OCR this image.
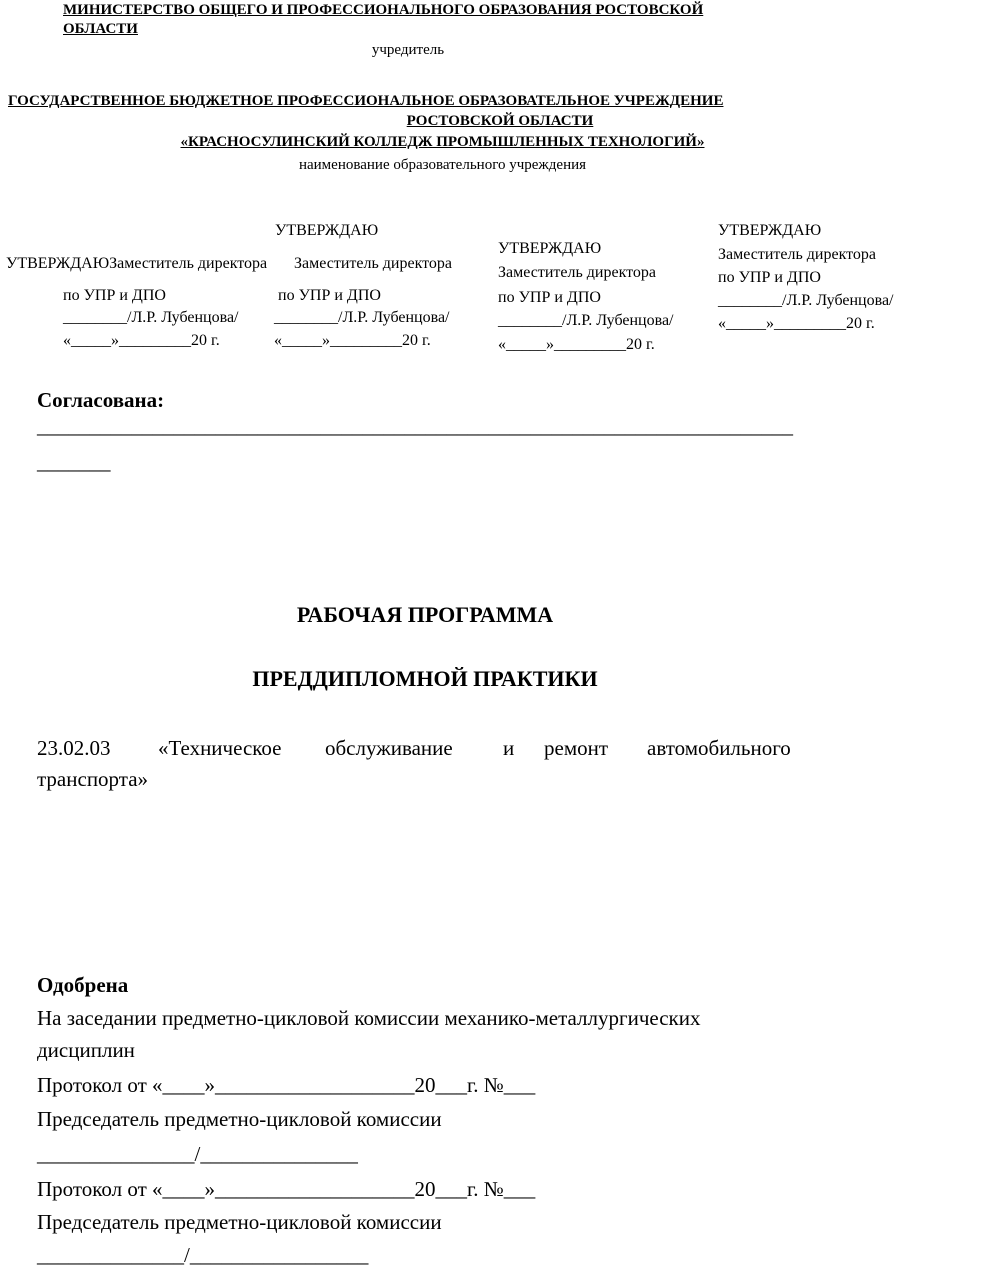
МИНИСТЕРСТВО ОБЩЕГО И ПРОФЕССИОНАЛЬНОГО ОБРАЗОВАНИЯ РОСТОВСКОЙ
ОБЛАСТИ
учредитель
ГОСУДАРСТВЕННОЕ БЮДЖЕТНОЕ ПРОФЕССИОНАЛЬНОЕ ОБРАЗОВАТЕЛЬНОЕ УЧРЕЖДЕНИЕ
РОСТОВСКОЙ ОБЛАСТИ
«КРАСНОСУЛИНСКИЙ КОЛЛЕДЖ ПРОМЫШЛЕННЫХ ТЕХНОЛОГИЙ»
наименование образовательного учреждения
УТВЕРЖДАЮ
УТВЕРЖДАЮЗаместитель директора Заместитель директора
по УПР и ДПО	по УПР и ДПО
________/Л.Р. Лубенцова/ ________/Л.Р. Лубенцова/
«_____»_________20 г.	«_____»_________20 г.
УТВЕРЖДАЮ
Заместитель директора
по УПР и ДПО
________/Л.Р. Лубенцова/
«_____»_________20 г.
УТВЕРЖДАЮ
Заместитель директора
по УПР и ДПО
________/Л.Р. Лубенцова/
«_____»_________20 г.
Согласована:
________________________________________________________________________
_______
РАБОЧАЯ ПРОГРАММА
ПРЕДДИПЛОМНОЙ ПРАКТИКИ
23.02.03 «Техническое обслуживание и ремонт автомобильного
транспорта»
Одобрена
На заседании предметно-цикловой комиссии механико-металлургических
дисциплин
Протокол от «____»___________________20___г. №___
Председатель предметно-цикловой комиссии
_______________/_______________
Протокол от «____»___________________20___г. №___
Председатель предметно-цикловой комиссии
______________/_________________
